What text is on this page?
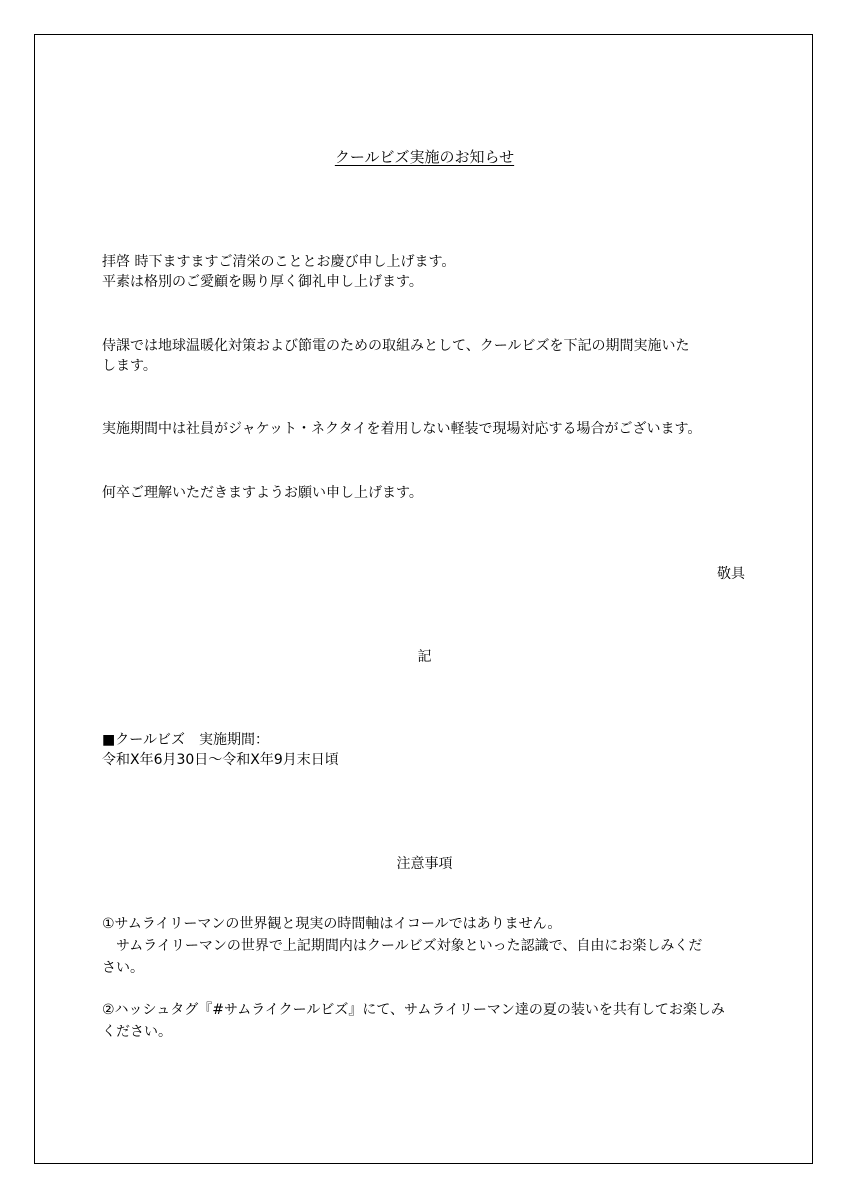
クールビズ実施のお知らせ
拝啓 時下ますますご清栄のこととお慶び申し上げます。
平素は格別のご愛顧を賜り厚く御礼申し上げます。
侍課では地球温暖化対策および節電のための取組みとして、クールビズを下記の期間実施いた
します。
実施期間中は社員がジャケット・ネクタイを着用しない軽装で現場対応する場合がございます。
何卒ご理解いただきますようお願い申し上げます。
敬具
記
■クールビズ　実施期間：
令和X年6月30日～令和X年9月末日頃
注意事項
①サムライリーマンの世界観と現実の時間軸はイコールではありません。
　サムライリーマンの世界で上記期間内はクールビズ対象といった認識で、自由にお楽しみくだ
さい。
②ハッシュタグ『#サムライクールビズ』にて、サムライリーマン達の夏の装いを共有してお楽しみ
ください。
